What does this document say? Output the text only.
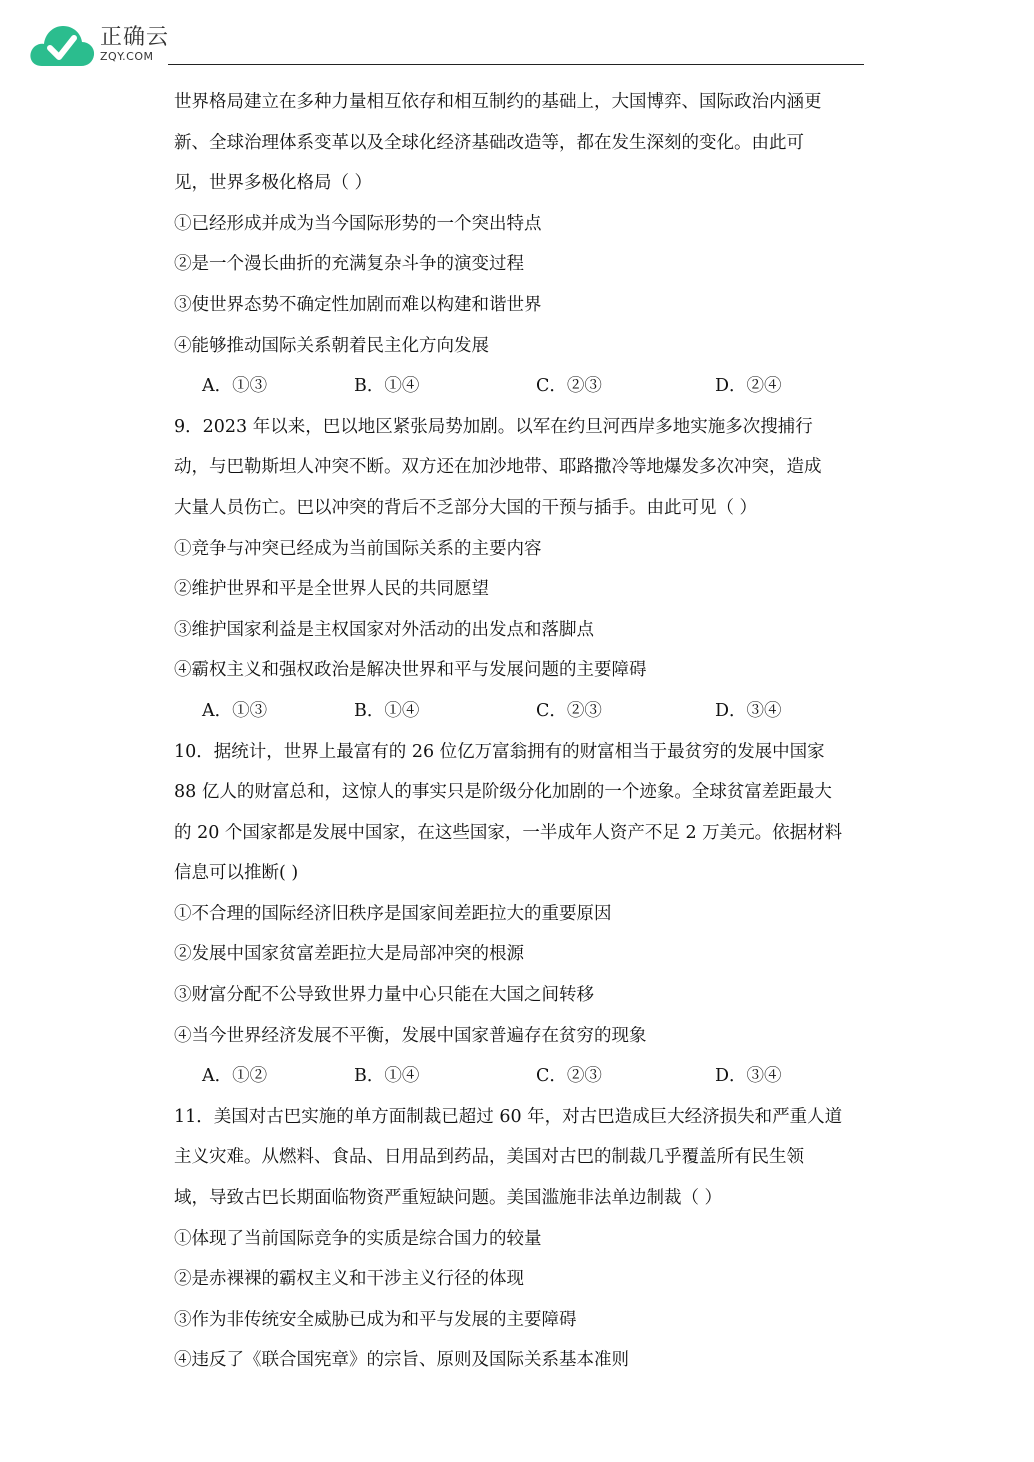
正确云
ZQY.COM
世界格局建立在多种力量相互依存和相互制约的基础上，大国博弈、国际政治内涵更
新、全球治理体系变革以及全球化经济基础改造等，都在发生深刻的变化。由此可
见，世界多极化格局（ ）
①已经形成并成为当今国际形势的一个突出特点
②是一个漫长曲折的充满复杂斗争的演变过程
③使世界态势不确定性加剧而难以构建和谐世界
④能够推动国际关系朝着民主化方向发展
A．①③	B．①④	C．②③	D．②④
9．2023 年以来，巴以地区紧张局势加剧。以军在约旦河西岸多地实施多次搜捕行
动，与巴勒斯坦人冲突不断。双方还在加沙地带、耶路撒冷等地爆发多次冲突，造成
大量人员伤亡。巴以冲突的背后不乏部分大国的干预与插手。由此可见（ ）
①竞争与冲突已经成为当前国际关系的主要内容
②维护世界和平是全世界人民的共同愿望
③维护国家利益是主权国家对外活动的出发点和落脚点
④霸权主义和强权政治是解决世界和平与发展问题的主要障碍
A．①③	B．①④	C．②③	D．③④
10．据统计，世界上最富有的 26 位亿万富翁拥有的财富相当于最贫穷的发展中国家
88 亿人的财富总和，这惊人的事实只是阶级分化加剧的一个迹象。全球贫富差距最大
的 20 个国家都是发展中国家，在这些国家，一半成年人资产不足 2 万美元。依据材料
信息可以推断( )
①不合理的国际经济旧秩序是国家间差距拉大的重要原因
②发展中国家贫富差距拉大是局部冲突的根源
③财富分配不公导致世界力量中心只能在大国之间转移
④当今世界经济发展不平衡，发展中国家普遍存在贫穷的现象
A．①②	B．①④	C．②③	D．③④
11．美国对古巴实施的单方面制裁已超过 60 年，对古巴造成巨大经济损失和严重人道
主义灾难。从燃料、食品、日用品到药品，美国对古巴的制裁几乎覆盖所有民生领
域，导致古巴长期面临物资严重短缺问题。美国滥施非法单边制裁（ ）
①体现了当前国际竞争的实质是综合国力的较量
②是赤裸裸的霸权主义和干涉主义行径的体现
③作为非传统安全威胁已成为和平与发展的主要障碍
④违反了《联合国宪章》的宗旨、原则及国际关系基本准则
